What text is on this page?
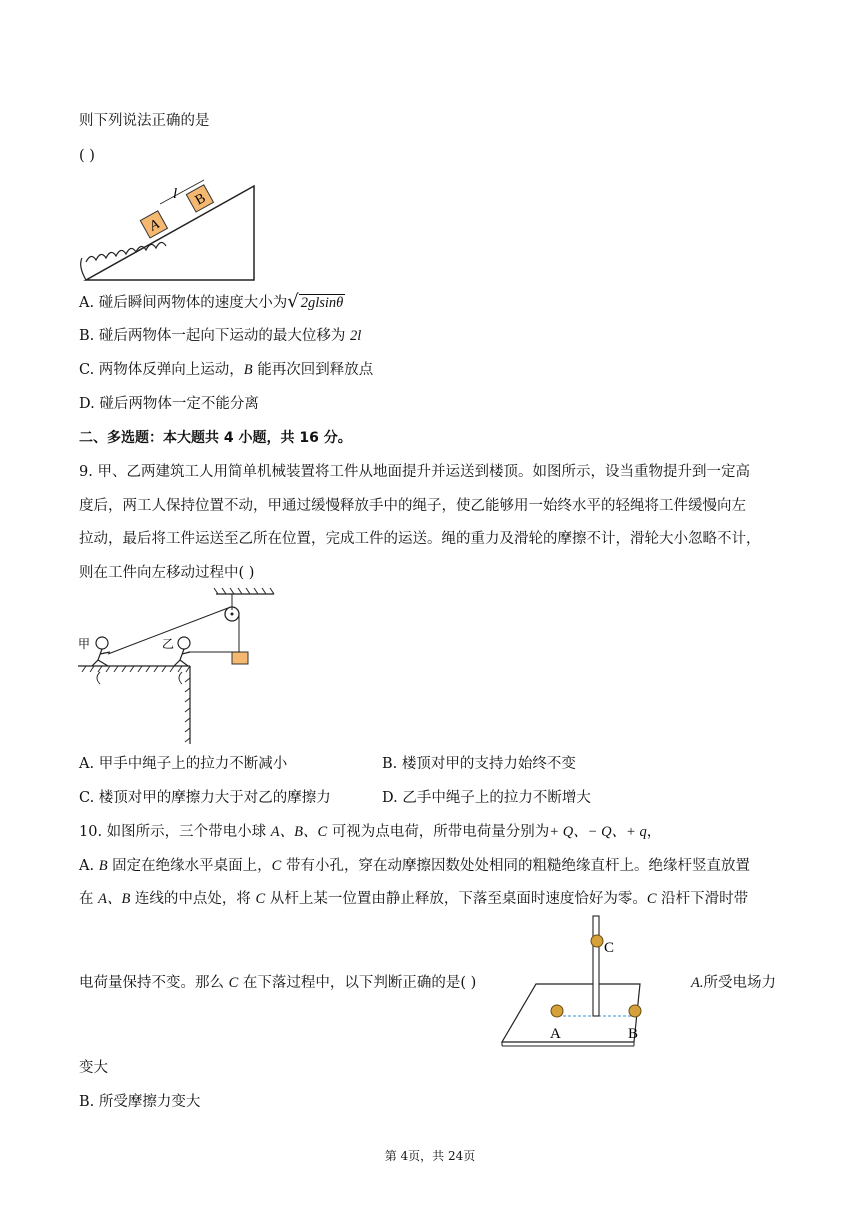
则下列说法正确的是
( )
A
B
l
A. 碰后瞬间两物体的速度大小为√ 2glsinθ
B. 碰后两物体一起向下运动的最大位移为 2l
C. 两物体反弹向上运动，B 能再次回到释放点
D. 碰后两物体一定不能分离
二、多选题：本大题共 4 小题，共 16 分。
9. 甲、乙两建筑工人用简单机械装置将工件从地面提升并运送到楼顶。如图所示，设当重物提升到一定高
度后，两工人保持位置不动，甲通过缓慢释放手中的绳子，使乙能够用一始终水平的轻绳将工件缓慢向左
拉动，最后将工件运送至乙所在位置，完成工件的运送。绳的重力及滑轮的摩擦不计，滑轮大小忽略不计，
则在工件向左移动过程中( )
甲	乙
A. 甲手中绳子上的拉力不断减小	B. 楼顶对甲的支持力始终不变
C. 楼顶对甲的摩擦力大于对乙的摩擦力	D. 乙手中绳子上的拉力不断增大
10. 如图所示，三个带电小球 A、B、C 可视为点电荷，所带电荷量分别为+ Q、− Q、+ q，
A. B 固定在绝缘水平桌面上，C 带有小孔，穿在动摩擦因数处处相同的粗糙绝缘直杆上。绝缘杆竖直放置
在 A、B 连线的中点处，将 C 从杆上某一位置由静止释放，下落至桌面时速度恰好为零。C 沿杆下滑时带
电荷量保持不变。那么 C 在下落过程中，以下判断正确的是( )	A.所受电场力
C
A	B
变大
B. 所受摩擦力变大
第 4页，共 24页
